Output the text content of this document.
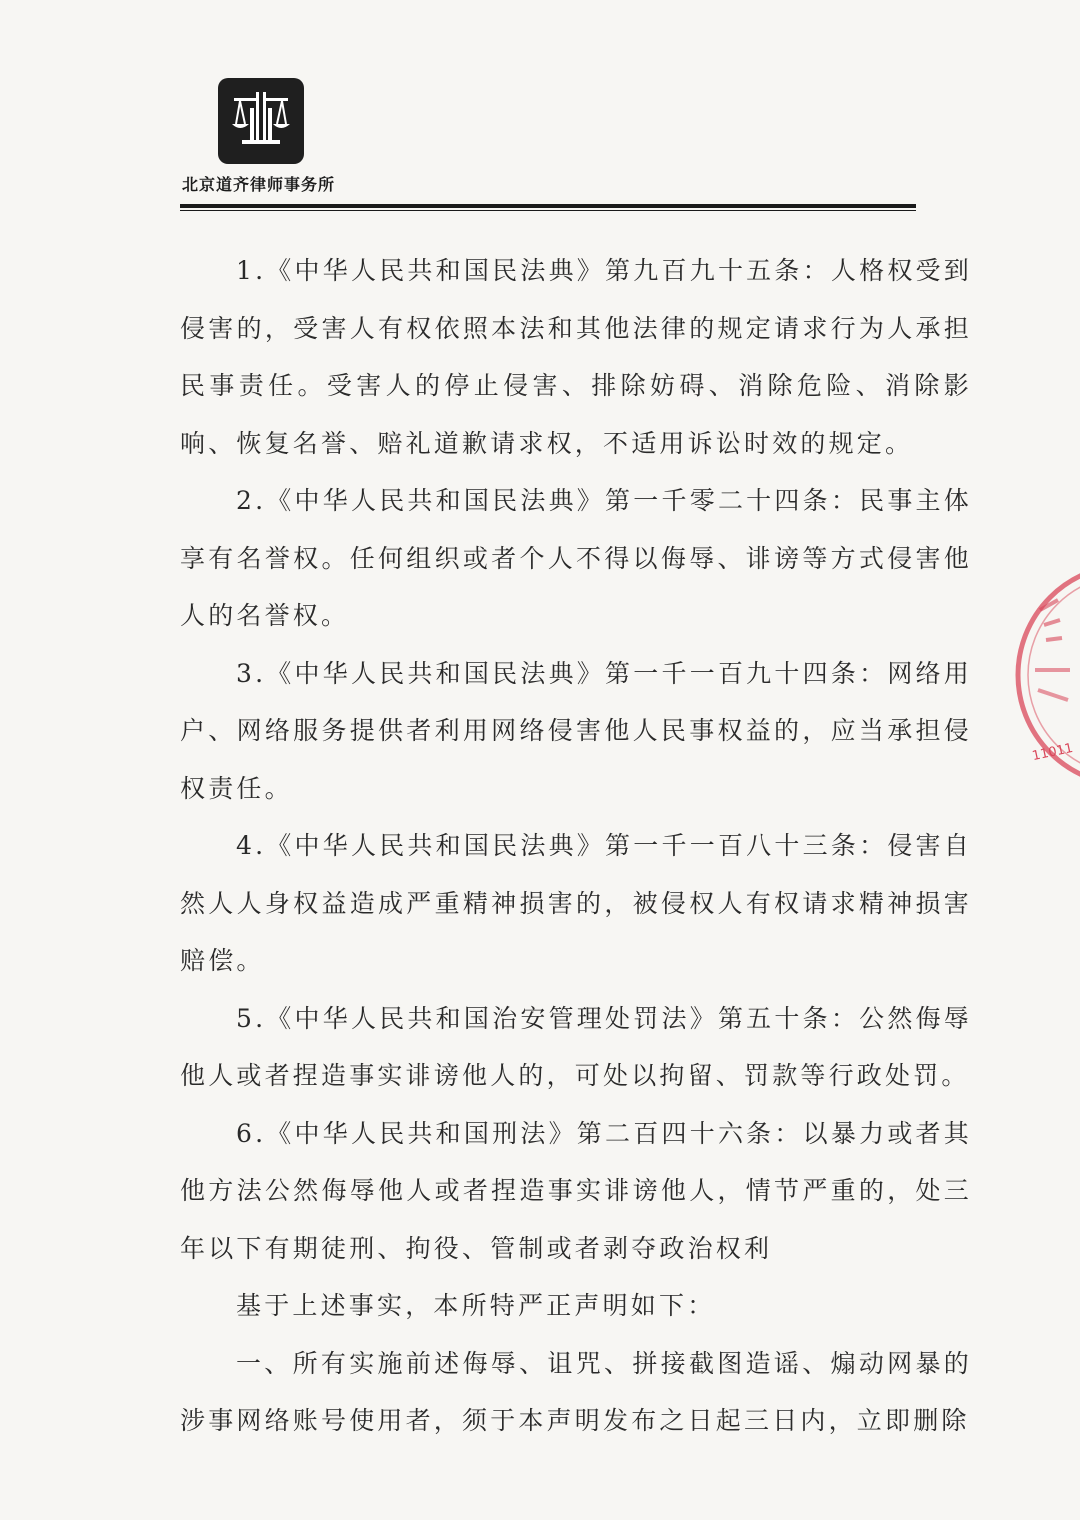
北京道齐律师事务所

1.《中华人民共和国民法典》第九百九十五条：人格权受到侵害的，受害人有权依照本法和其他法律的规定请求行为人承担民事责任。受害人的停止侵害、排除妨碍、消除危险、消除影响、恢复名誉、赔礼道歉请求权，不适用诉讼时效的规定。

2.《中华人民共和国民法典》第一千零二十四条：民事主体享有名誉权。任何组织或者个人不得以侮辱、诽谤等方式侵害他人的名誉权。

3.《中华人民共和国民法典》第一千一百九十四条：网络用户、网络服务提供者利用网络侵害他人民事权益的，应当承担侵权责任。

4.《中华人民共和国民法典》第一千一百八十三条：侵害自然人人身权益造成严重精神损害的，被侵权人有权请求精神损害赔偿。

5.《中华人民共和国治安管理处罚法》第五十条：公然侮辱他人或者捏造事实诽谤他人的，可处以拘留、罚款等行政处罚。

6.《中华人民共和国刑法》第二百四十六条：以暴力或者其他方法公然侮辱他人或者捏造事实诽谤他人，情节严重的，处三年以下有期徒刑、拘役、管制或者剥夺政治权利

基于上述事实，本所特严正声明如下：

一、所有实施前述侮辱、诅咒、拼接截图造谣、煽动网暴的涉事网络账号使用者，须于本声明发布之日起三日内，立即删除

11011
